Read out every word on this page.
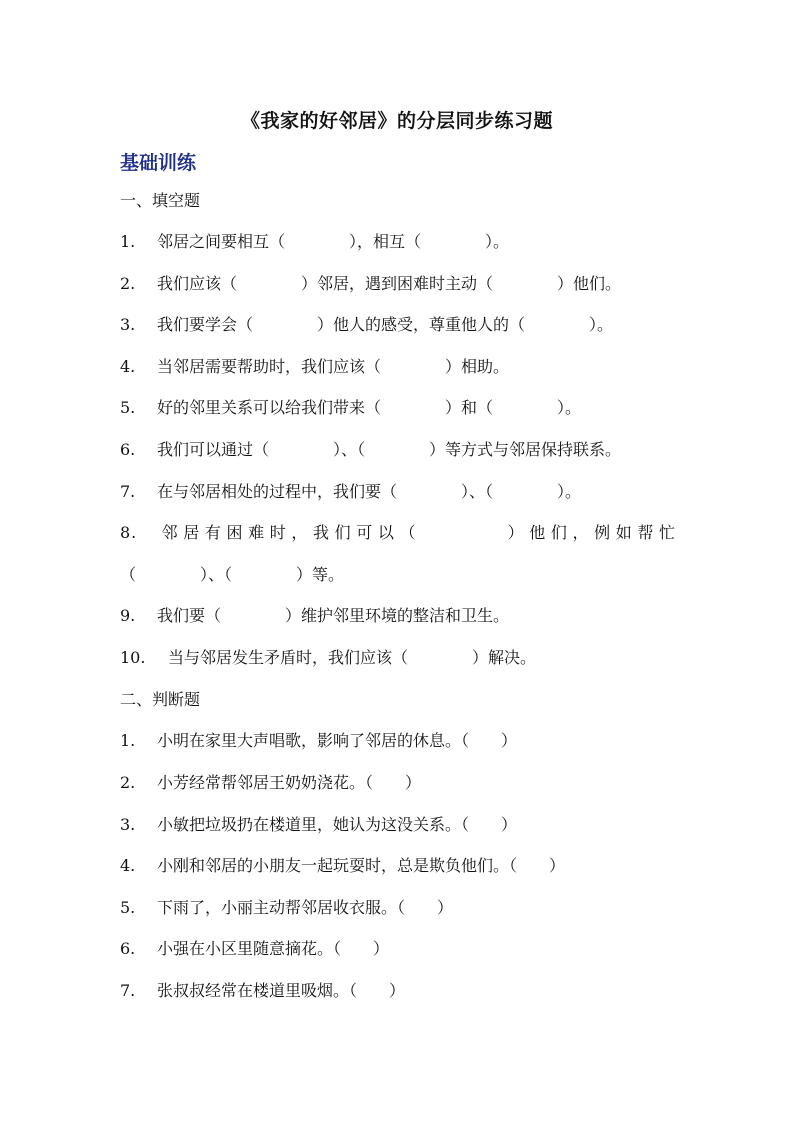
《我家的好邻居》的分层同步练习题
基础训练
一、填空题
1. 邻居之间要相互（　　　　），相互（　　　　）。
2. 我们应该（　　　　）邻居，遇到困难时主动（　　　　）他们。
3. 我们要学会（　　　　）他人的感受，尊重他人的（　　　　）。
4. 当邻居需要帮助时，我们应该（　　　　）相助。
5. 好的邻里关系可以给我们带来（　　　　）和（　　　　）。
6. 我们可以通过（　　　　）、（　　　　）等方式与邻居保持联系。
7. 在与邻居相处的过程中，我们要（　　　　）、（　　　　）。
8. 邻居有困难时，我们可以（　　　　）他们，例如帮忙
（　　　　）、（　　　　）等。
9. 我们要（　　　　）维护邻里环境的整洁和卫生。
10. 当与邻居发生矛盾时，我们应该（　　　　）解决。
二、判断题
1. 小明在家里大声唱歌，影响了邻居的休息。（　　）
2. 小芳经常帮邻居王奶奶浇花。（　　）
3. 小敏把垃圾扔在楼道里，她认为这没关系。（　　）
4. 小刚和邻居的小朋友一起玩耍时，总是欺负他们。（　　）
5. 下雨了，小丽主动帮邻居收衣服。（　　）
6. 小强在小区里随意摘花。（　　）
7. 张叔叔经常在楼道里吸烟。（　　）
